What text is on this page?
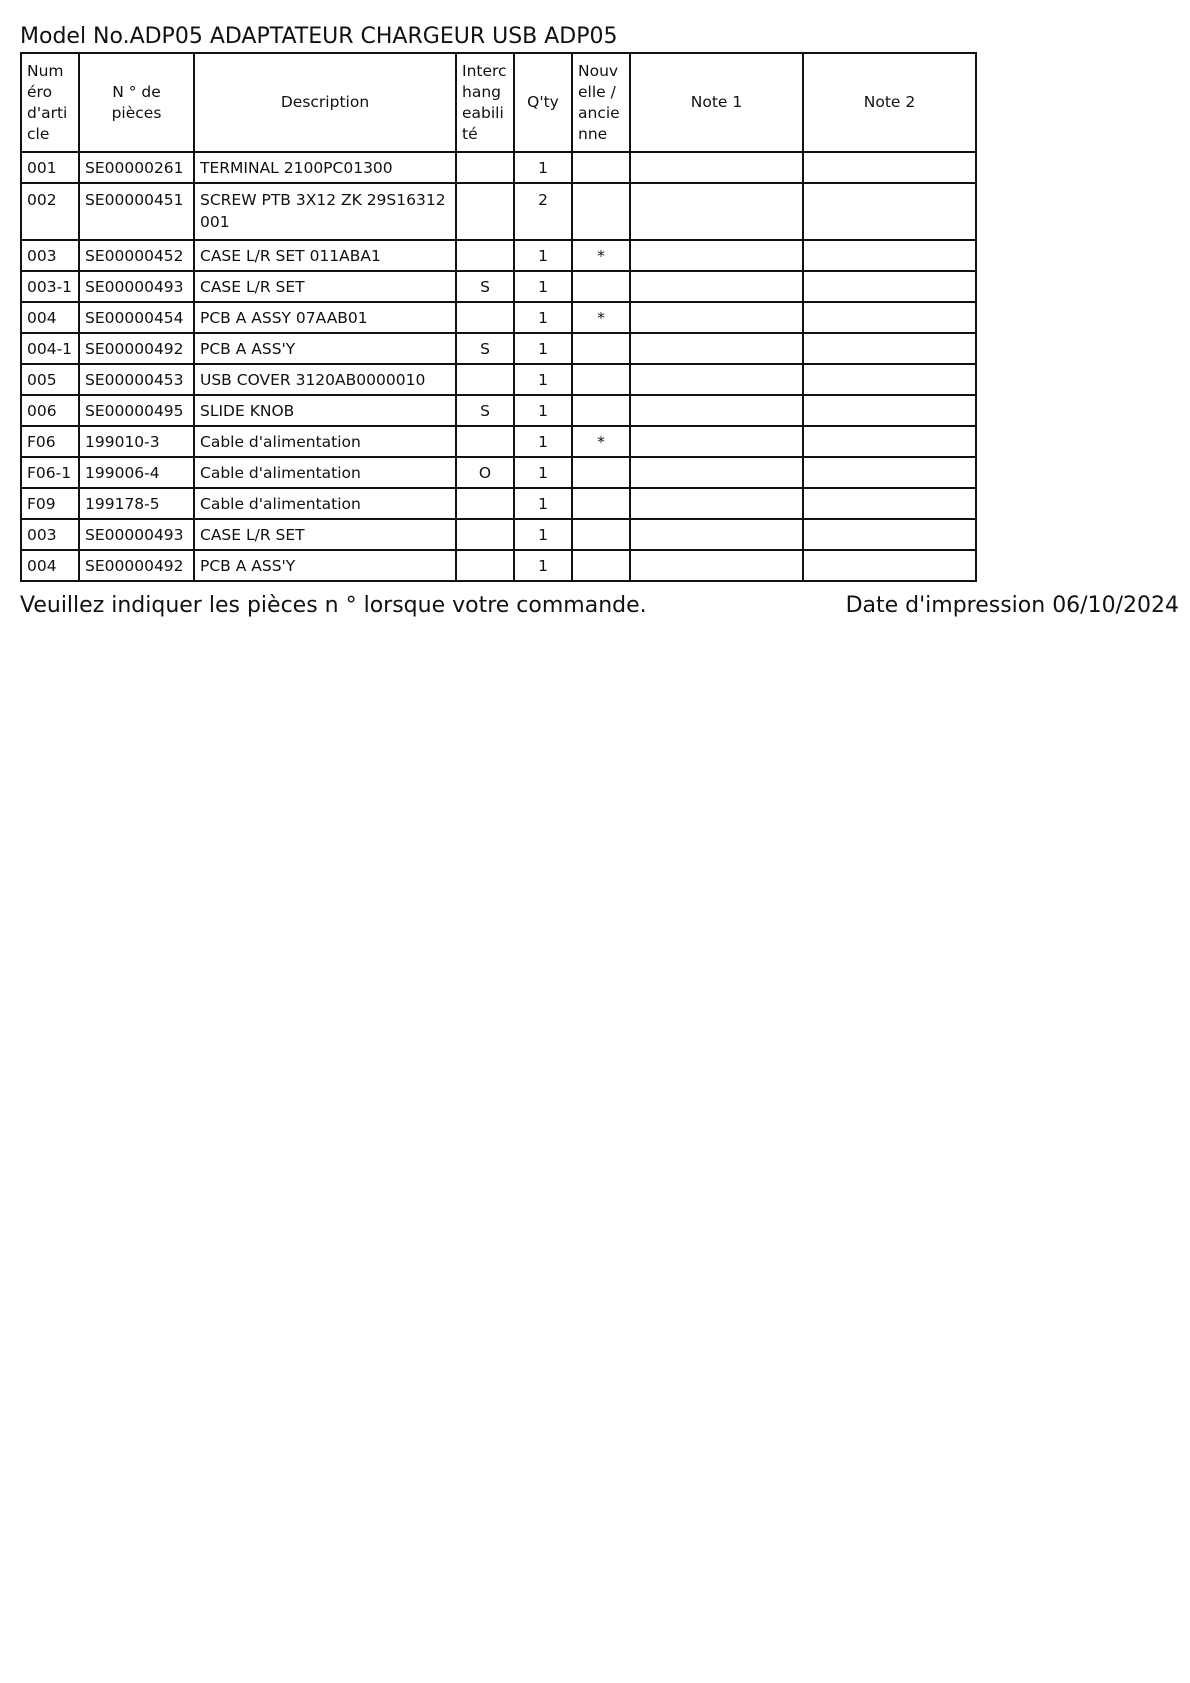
Model No.ADP05 ADAPTATEUR CHARGEUR USB ADP05
Numéro d'article	N ° de pièces	Description	Interchangeabilité	Q'ty	Nouvelle / ancienne	Note 1	Note 2
001	SE00000261	TERMINAL 2100PC01300		1			
002	SE00000451	SCREW PTB 3X12 ZK 29S16312001		2			
003	SE00000452	CASE L/R SET 011ABA1		1	*		
003-1	SE00000493	CASE L/R SET	S	1			
004	SE00000454	PCB A ASSY 07AAB01		1	*		
004-1	SE00000492	PCB A ASS'Y	S	1			
005	SE00000453	USB COVER 3120AB0000010		1			
006	SE00000495	SLIDE KNOB	S	1			
F06	199010-3	Cable d'alimentation		1	*		
F06-1	199006-4	Cable d'alimentation	O	1			
F09	199178-5	Cable d'alimentation		1			
003	SE00000493	CASE L/R SET		1			
004	SE00000492	PCB A ASS'Y		1			
Veuillez indiquer les pièces n ° lorsque votre commande.	Date d'impression 06/10/2024
